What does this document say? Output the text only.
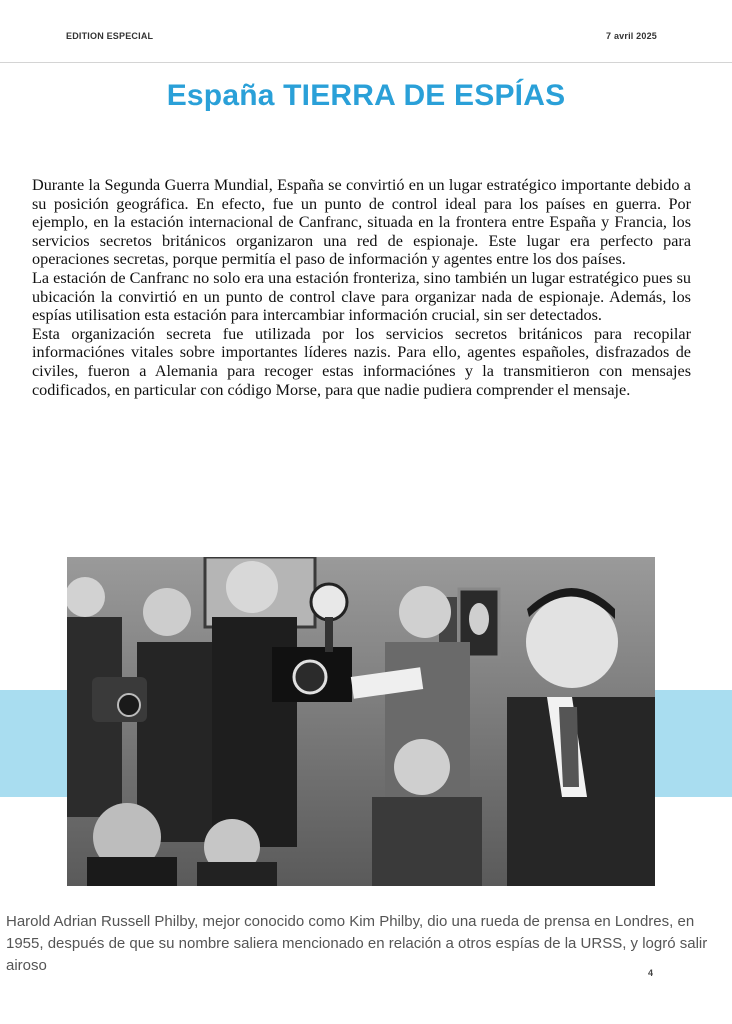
EDITION ESPECIAL	7 avril 2025
España TIERRA DE ESPÍAS

Durante la Segunda Guerra Mundial, España se convirtió en un lugar estratégico importante debido a su posición geográfica. En efecto, fue un punto de control ideal para los países en guerra. Por ejemplo, en la estación internacional de Canfranc, situada en la frontera entre España y Francia, los servicios secretos británicos organizaron una red de espionaje. Este lugar era perfecto para operaciones secretas, porque permitía el paso de información y agentes entre los dos países.

La estación de Canfranc no solo era una estación fronteriza, sino también un lugar estratégico pues su ubicación la convirtió en un punto de control clave para organizar nada de espionaje. Además, los espías utilisation esta estación para intercambiar información crucial, sin ser detectados.

Esta organización secreta fue utilizada por los servicios secretos británicos para recopilar informaciónes vitales sobre importantes líderes nazis. Para ello, agentes españoles, disfrazados de civiles, fueron a Alemania para recoger estas informaciónes y la transmitieron con mensajes codificados, en particular con código Morse, para que nadie pudiera comprender el mensaje.

Harold Adrian Russell Philby, mejor conocido como Kim Philby, dio una rueda de prensa en Londres, en 1955, después de que su nombre saliera mencionado en relación a otros espías de la URSS, y logró salir airoso	4
